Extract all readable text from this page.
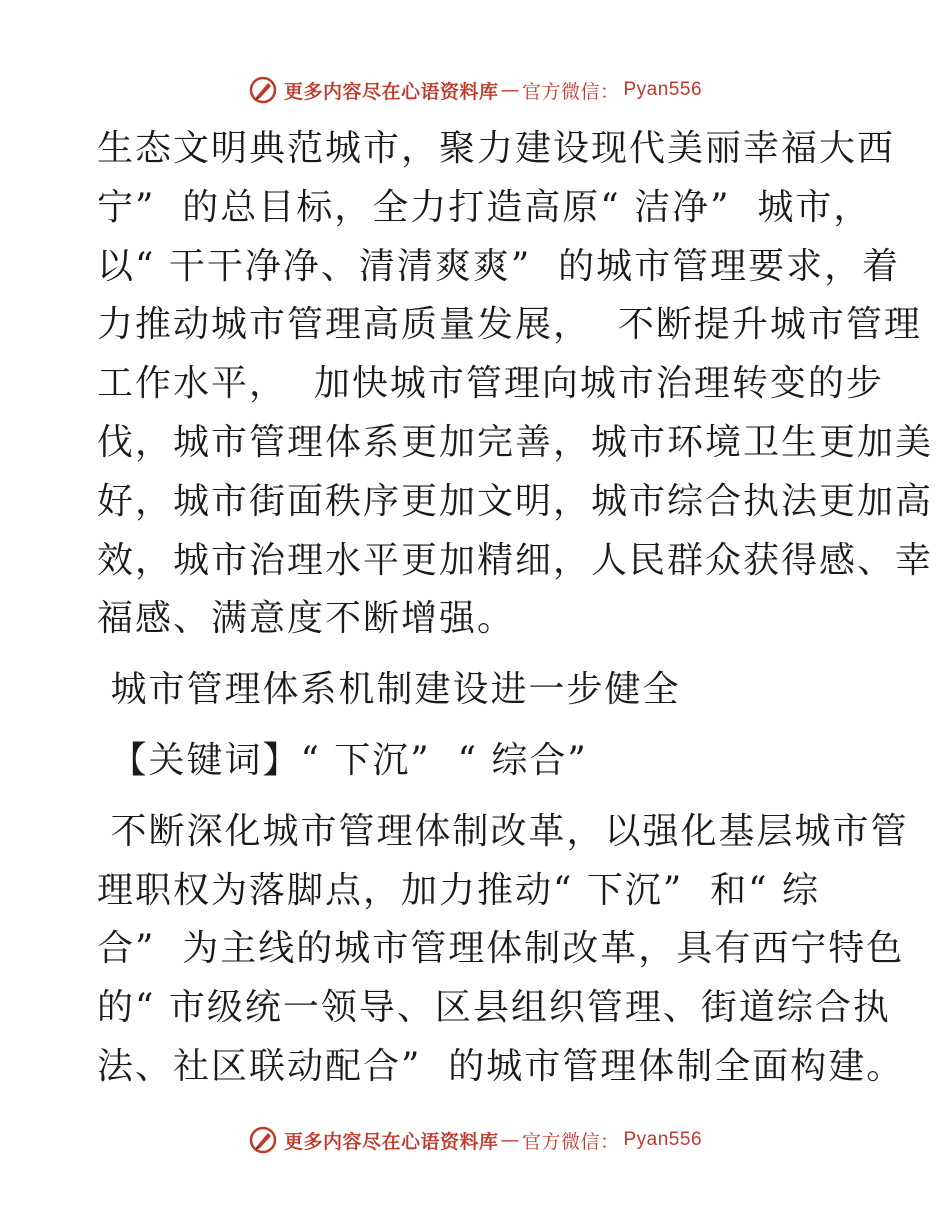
更多内容尽在心语资料库 — 官方微信： Pyan556
生态文明典范城市，聚力建设现代美丽幸福大西
宁”  的总目标，全力打造高原“ 洁净”  城市，
以“ 干干净净、清清爽爽”  的城市管理要求，着
力推动城市管理高质量发展，  不断提升城市管理
工作水平，  加快城市管理向城市治理转变的步
伐，城市管理体系更加完善，城市环境卫生更加美
好，城市街面秩序更加文明，城市综合执法更加高
效，城市治理水平更加精细，人民群众获得感、幸
福感、满意度不断增强。
城市管理体系机制建设进一步健全
【关键词】“ 下沉”  “ 综合”
不断深化城市管理体制改革，以强化基层城市管
理职权为落脚点，加力推动“ 下沉”  和“ 综
合”  为主线的城市管理体制改革，具有西宁特色
的“ 市级统一领导、区县组织管理、街道综合执
法、社区联动配合”  的城市管理体制全面构建。
更多内容尽在心语资料库 — 官方微信： Pyan556
